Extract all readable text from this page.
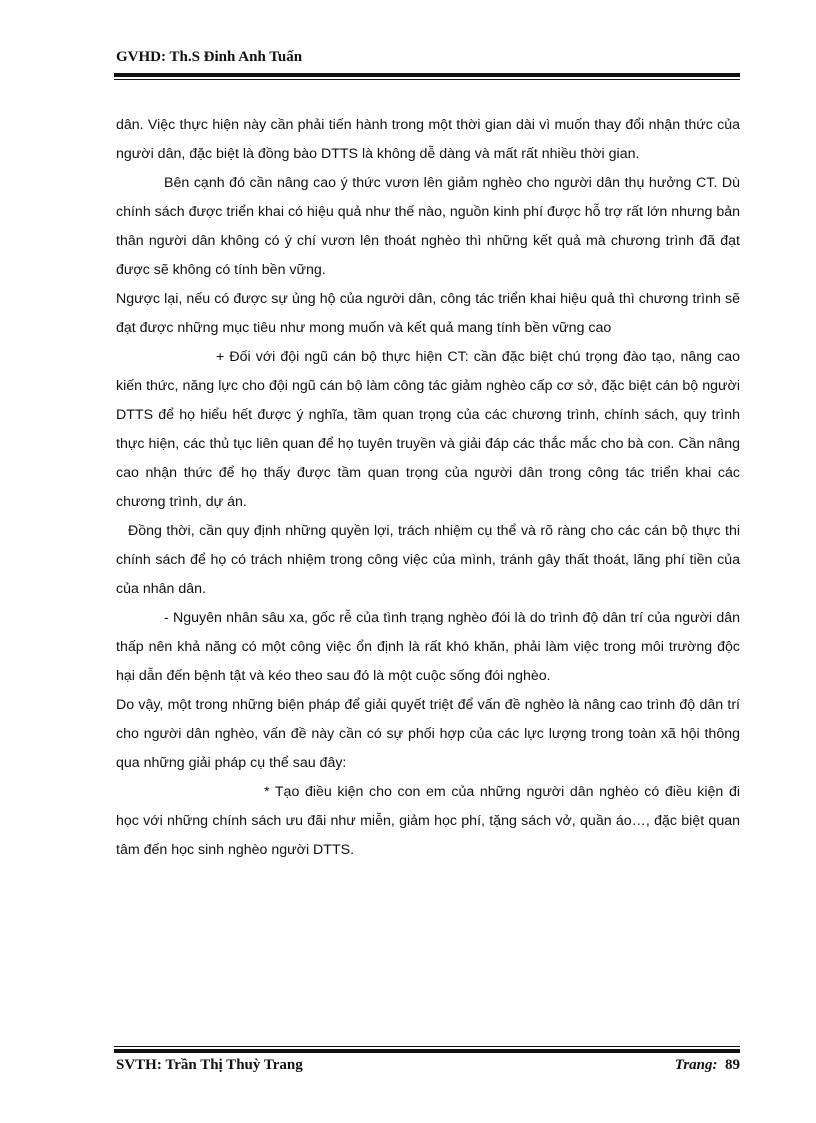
GVHD: Th.S Đinh Anh Tuấn

dân. Việc thực hiện này cần phải tiến hành trong một thời gian dài vì muốn thay đổi nhận thức của người dân, đặc biệt là đồng bào DTTS là không dễ dàng và mất rất nhiều thời gian.

Bên cạnh đó cần nâng cao ý thức vươn lên giảm nghèo cho người dân thụ hưởng CT. Dù chính sách được triển khai có hiệu quả như thế nào, nguồn kinh phí được hỗ trợ rất lớn nhưng bản thân người dân không có ý chí vươn lên thoát nghèo thì những kết quả mà chương trình đã đạt được sẽ không có tính bền vững.

Ngược lại, nếu có được sự ủng hộ của người dân, công tác triển khai hiệu quả thì chương trình sẽ đạt được những mục tiêu như mong muốn và kết quả mang tính bền vững cao

+ Đối với đội ngũ cán bộ thực hiện CT: cần đặc biệt chú trọng đào tạo, nâng cao kiến thức, năng lực cho đội ngũ cán bộ làm công tác giảm nghèo cấp cơ sở, đặc biệt cán bộ người DTTS để họ hiểu hết được ý nghĩa, tầm quan trọng của các chương trình, chính sách, quy trình thực hiện, các thủ tục liên quan để họ tuyên truyền và giải đáp các thắc mắc cho bà con. Cần nâng cao nhận thức để họ thấy được tầm quan trọng của người dân trong công tác triển khai các chương trình, dự án.

Đồng thời, cần quy định những quyền lợi, trách nhiệm cụ thể và rõ ràng cho các cán bộ thực thi chính sách để họ có trách nhiệm trong công việc của mình, tránh gây thất thoát, lãng phí tiền của của nhân dân.

- Nguyên nhân sâu xa, gốc rễ của tình trạng nghèo đói là do trình độ dân trí của người dân thấp nên khả năng có một công việc ổn định là rất khó khăn, phải làm việc trong môi trường độc hại dẫn đến bệnh tật và kéo theo sau đó là một cuộc sống đói nghèo.

Do vậy, một trong những biện pháp để giải quyết triệt để vấn đề nghèo là nâng cao trình độ dân trí cho người dân nghèo, vấn đề này cần có sự phối hợp của các lực lượng trong toàn xã hội thông qua những giải pháp cụ thể sau đây:

* Tạo điều kiện cho con em của những người dân nghèo có điều kiện đi học với những chính sách ưu đãi như miễn, giảm học phí, tặng sách vở, quần áo…, đặc biệt quan tâm đến học sinh nghèo người DTTS.

SVTH: Trần Thị Thuỳ Trang	Trang: 89
